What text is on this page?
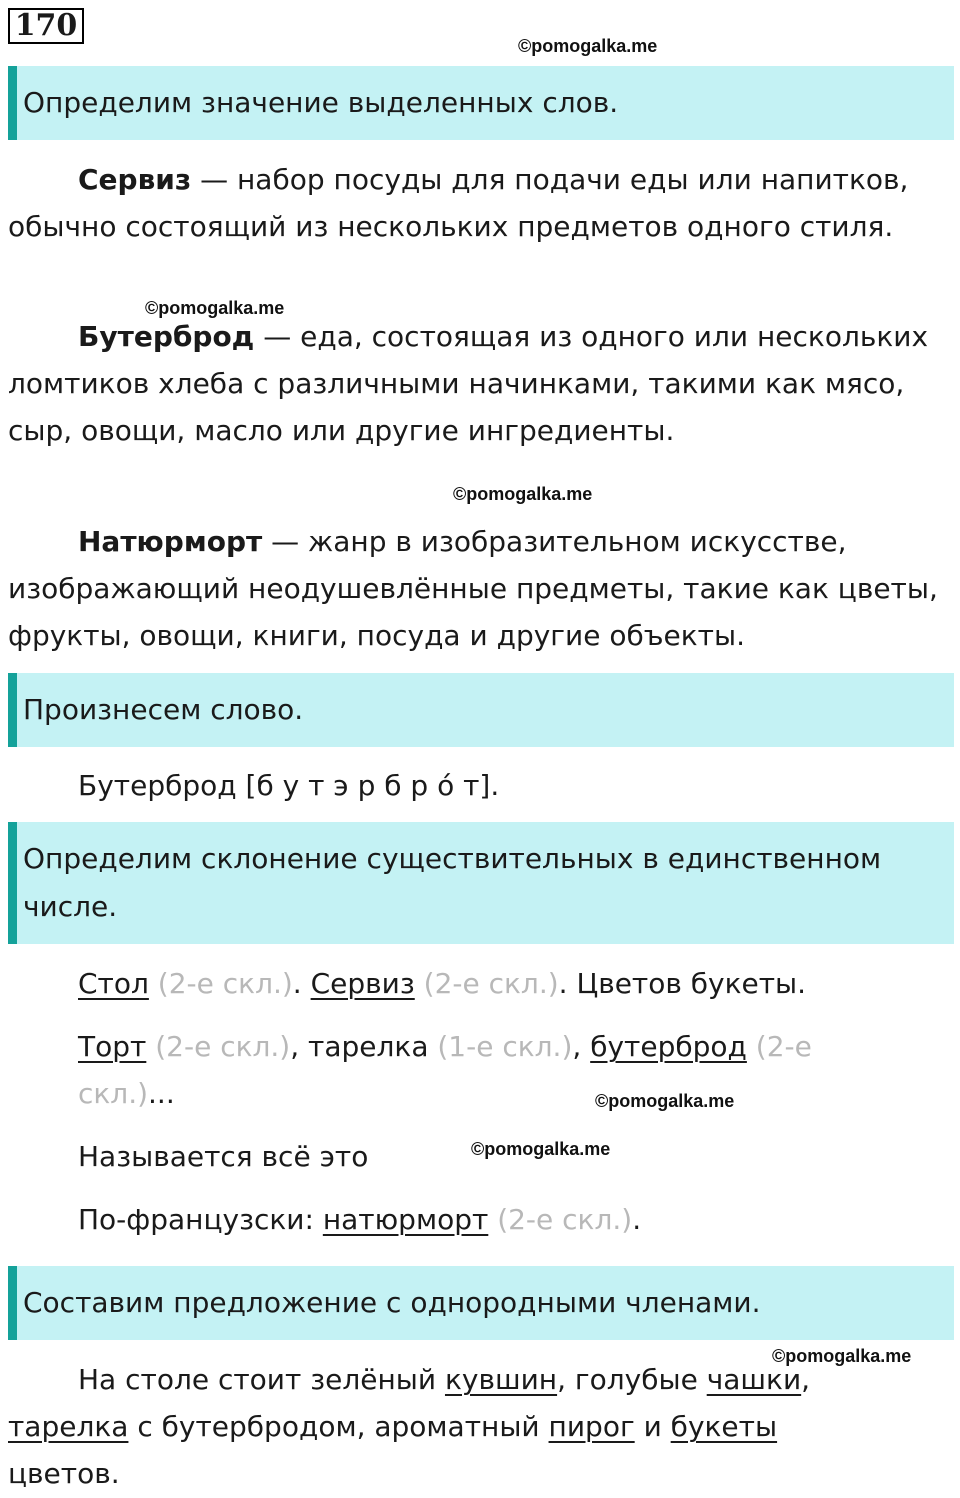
170
©pomogalka.me
Определим значение выделенных слов.
Сервиз — набор посуды для подачи еды или напитков, обычно состоящий из нескольких предметов одного стиля.
©pomogalka.me
Бутерброд — еда, состоящая из одного или нескольких ломтиков хлеба с различными начинками, такими как мясо, сыр, овощи, масло или другие ингредиенты.
©pomogalka.me
Натюрморт — жанр в изобразительном искусстве, изображающий неодушевлённые предметы, такие как цветы, фрукты, овощи, книги, посуда и другие объекты.
Произнесем слово.
Бутерброд [б у т э р б р ó т].
Определим склонение существительных в единственном числе.
Стол (2-е скл.). Сервиз (2-е скл.). Цветов букеты.
Торт (2-е скл.), тарелка (1-е скл.), бутерброд (2-е
скл.)...	©pomogalka.me
Называется всё это	©pomogalka.me
По-французски: натюрморт (2-е скл.).
Составим предложение с однородными членами.
©pomogalka.me
На столе стоит зелёный кувшин, голубые чашки,
тарелка с бутербродом, ароматный пирог и букеты
цветов.
